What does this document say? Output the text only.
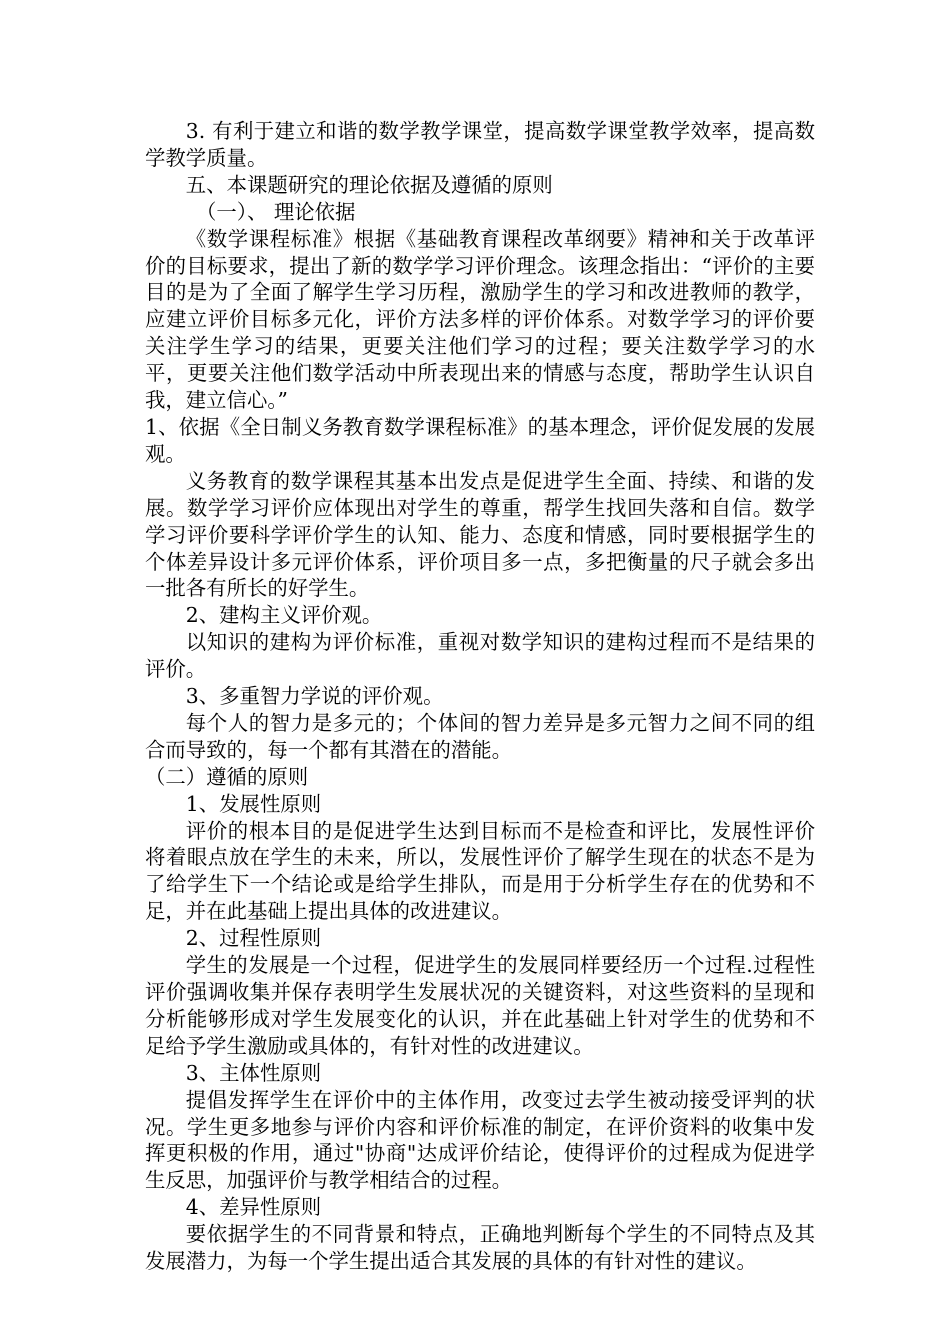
3. 有利于建立和谐的数学教学课堂，提高数学课堂教学效率，提高数学教学质量。

五、本课题研究的理论依据及遵循的原则

（一）、 理论依据

《数学课程标准》根据《基础教育课程改革纲要》精神和关于改革评价的目标要求，提出了新的数学学习评价理念。该理念指出：“评价的主要目的是为了全面了解学生学习历程，激励学生的学习和改进教师的教学，应建立评价目标多元化，评价方法多样的评价体系。对数学学习的评价要关注学生学习的结果，更要关注他们学习的过程；要关注数学学习的水平，更要关注他们数学活动中所表现出来的情感与态度，帮助学生认识自我，建立信心。”

1、依据《全日制义务教育数学课程标准》的基本理念，评价促发展的发展观。

义务教育的数学课程其基本出发点是促进学生全面、持续、和谐的发展。数学学习评价应体现出对学生的尊重，帮学生找回失落和自信。数学学习评价要科学评价学生的认知、能力、态度和情感，同时要根据学生的个体差异设计多元评价体系，评价项目多一点，多把衡量的尺子就会多出一批各有所长的好学生。

2、建构主义评价观。

以知识的建构为评价标准，重视对数学知识的建构过程而不是结果的评价。

3、多重智力学说的评价观。

每个人的智力是多元的；个体间的智力差异是多元智力之间不同的组合而导致的，每一个都有其潜在的潜能。

（二）遵循的原则

1、发展性原则

评价的根本目的是促进学生达到目标而不是检查和评比，发展性评价将着眼点放在学生的未来，所以，发展性评价了解学生现在的状态不是为了给学生下一个结论或是给学生排队，而是用于分析学生存在的优势和不足，并在此基础上提出具体的改进建议。

2、过程性原则

学生的发展是一个过程，促进学生的发展同样要经历一个过程.过程性评价强调收集并保存表明学生发展状况的关键资料，对这些资料的呈现和分析能够形成对学生发展变化的认识，并在此基础上针对学生的优势和不足给予学生激励或具体的，有针对性的改进建议。

3、主体性原则

提倡发挥学生在评价中的主体作用，改变过去学生被动接受评判的状况。学生更多地参与评价内容和评价标准的制定，在评价资料的收集中发挥更积极的作用，通过"协商"达成评价结论，使得评价的过程成为促进学生反思，加强评价与教学相结合的过程。

4、差异性原则

要依据学生的不同背景和特点，正确地判断每个学生的不同特点及其发展潜力，为每一个学生提出适合其发展的具体的有针对性的建议。
